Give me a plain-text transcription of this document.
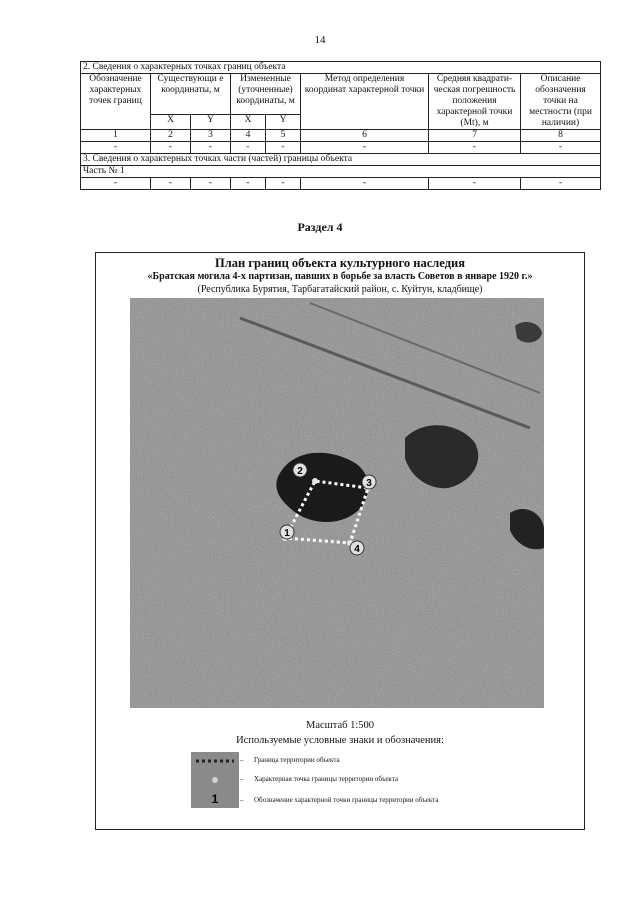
14
2. Сведения о характерных точках границ объекта							
Обозначение характерных точек границ	Существующи е координаты, м		Измененные (уточненные) координаты, м		Метод определения координат характерной точки	Средняя квадрати-ческая погрешность положения характерной точки (Mt), м	Описание обозначения точки на местности (при наличии)
	X	Y	X	Y			
1	2	3	4	5	6	7	8
-	-	-	-	-	-	-	-
3. Сведения о характерных точках части (частей) границы объекта							
Часть № 1							
-	-	-	-	-	-	-	-
Раздел 4
План границ объекта культурного наследия
«Братская могила 4-х партизан, павших в борьбе за власть Советов в январе 1920 г.»
(Республика Бурятия, Тарбагатайский район, с. Куйтун, кладбище)
1
2
3
4
Масштаб 1:500
Используемые условные знаки и обозначения:
1
– Граница территории объекта
– Характерная точка границы территории объекта
– Обозначение характерной точки границы территории объекта
